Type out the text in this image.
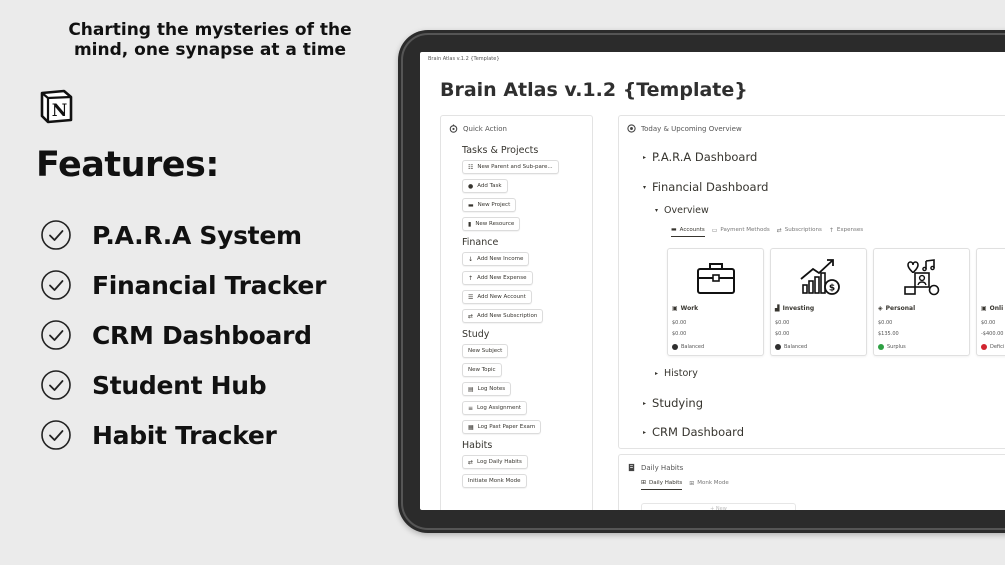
Charting the mysteries of the mind, one synapse at a time
N
Features:
P.A.R.A System
Financial Tracker
CRM Dashboard
Student Hub
Habit Tracker
Brain Atlas v.1.2 {Template}
Brain Atlas v.1.2 {Template}
Quick Action
Tasks & Projects
☷ New Parent and Sub-pare...
● Add Task
▬ New Project
▮ New Resource
Finance
↓ Add New Income
↑ Add New Expense
☰ Add New Account
⇄ Add New Subscription
Study
New Subject
New Topic
▤ Log Notes
≡ Log Assignment
▦ Log Past Paper Exam
Habits
⇄ Log Daily Habits
Initiate Monk Mode
Today & Upcoming Overview
▸ P.A.R.A Dashboard
▾ Financial Dashboard
▾ Overview
▬ Accounts ▭ Payment Methods ⇄ Subscriptions ↑ Expenses
▣ Work
$0.00
$0.00
Balanced
$
▟ Investing
$0.00
$0.00
Balanced
◈ Personal
$0.00
$135.00
Surplus
▣ Onli
$0.00
-$400.00
Defici
▸ History
▸ Studying
▸ CRM Dashboard
Daily Habits
⊞ Daily Habits ⊞ Monk Mode
+ New
